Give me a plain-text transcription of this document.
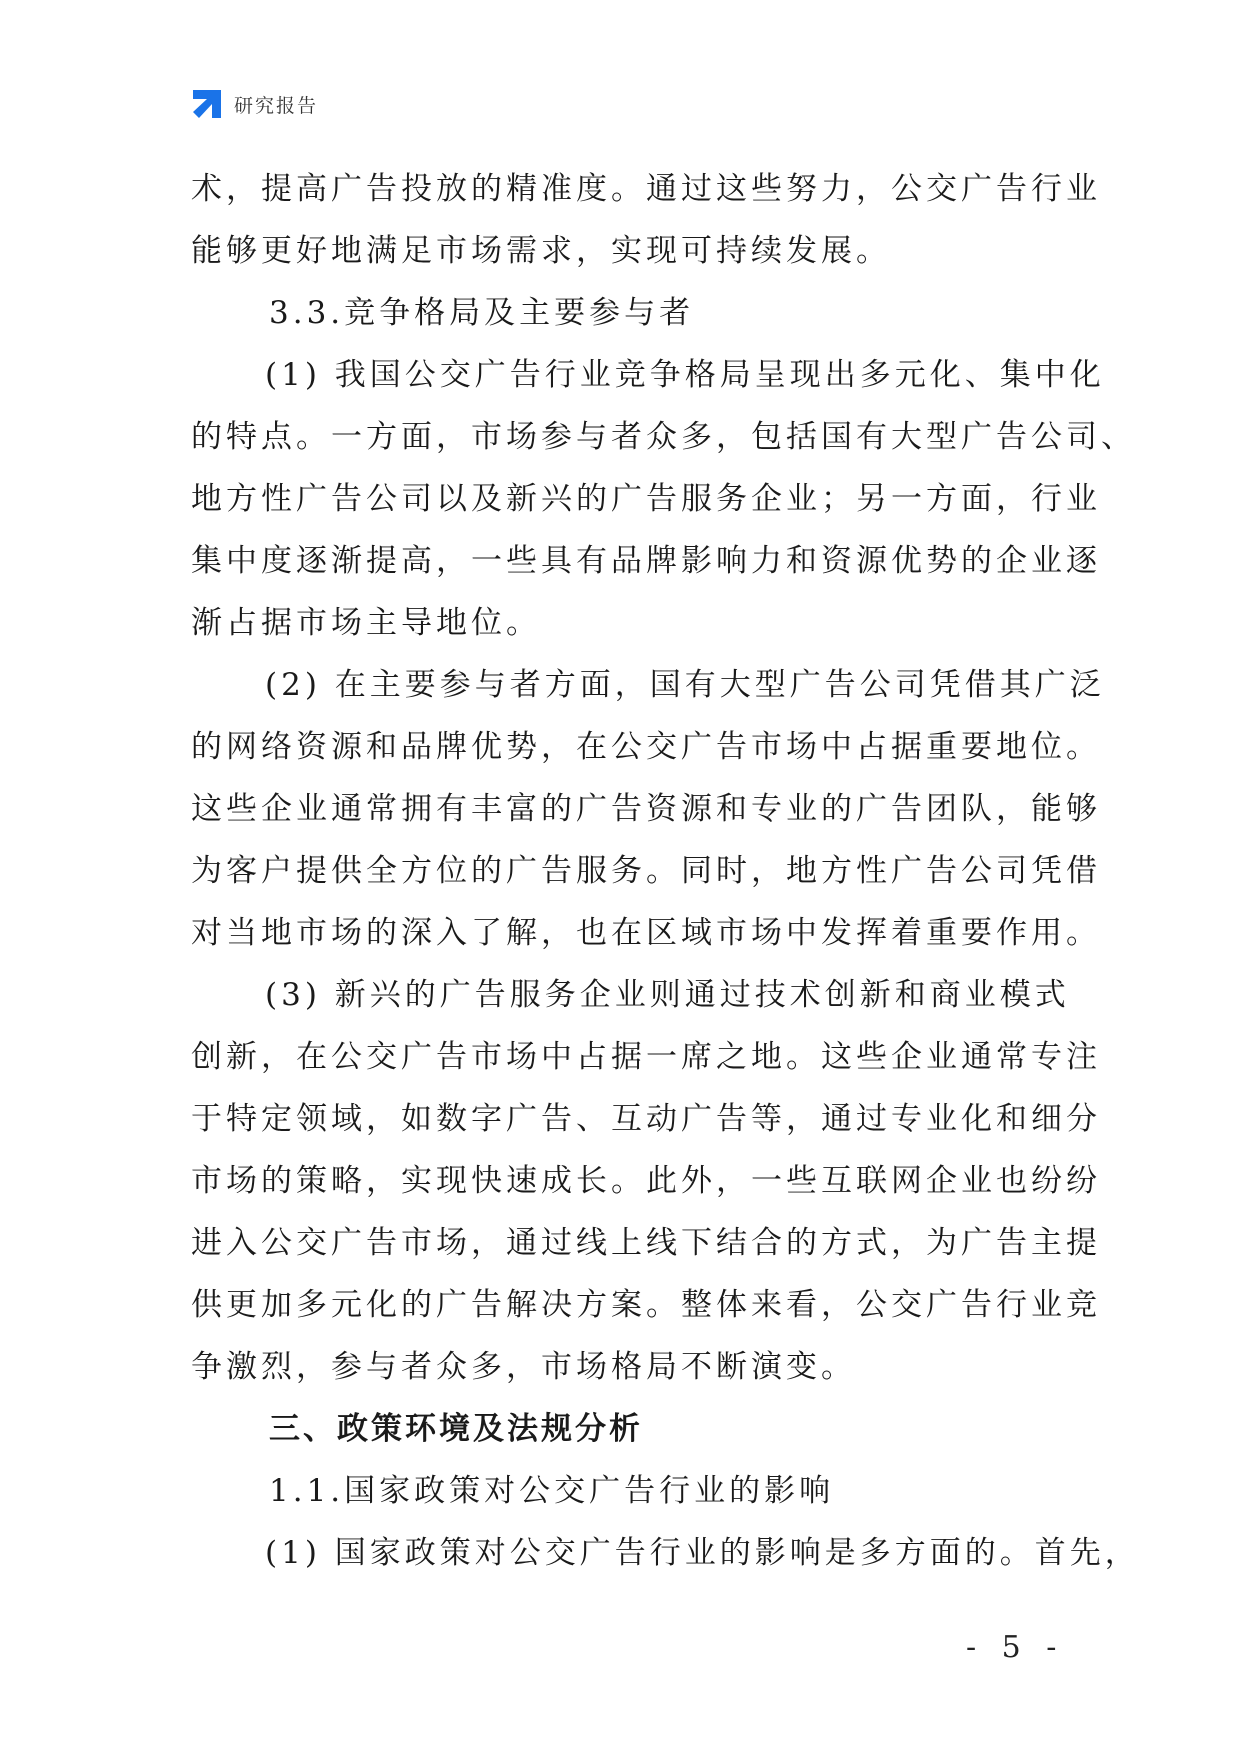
研究报告
术，提高广告投放的精准度。通过这些努力，公交广告行业
能够更好地满足市场需求，实现可持续发展。
3.3.竞争格局及主要参与者
(1) 我国公交广告行业竞争格局呈现出多元化、集中化
的特点。一方面，市场参与者众多，包括国有大型广告公司、
地方性广告公司以及新兴的广告服务企业；另一方面，行业
集中度逐渐提高，一些具有品牌影响力和资源优势的企业逐
渐占据市场主导地位。
(2) 在主要参与者方面，国有大型广告公司凭借其广泛
的网络资源和品牌优势，在公交广告市场中占据重要地位。
这些企业通常拥有丰富的广告资源和专业的广告团队，能够
为客户提供全方位的广告服务。同时，地方性广告公司凭借
对当地市场的深入了解，也在区域市场中发挥着重要作用。
(3) 新兴的广告服务企业则通过技术创新和商业模式
创新，在公交广告市场中占据一席之地。这些企业通常专注
于特定领域，如数字广告、互动广告等，通过专业化和细分
市场的策略，实现快速成长。此外，一些互联网企业也纷纷
进入公交广告市场，通过线上线下结合的方式，为广告主提
供更加多元化的广告解决方案。整体来看，公交广告行业竞
争激烈，参与者众多，市场格局不断演变。
三、政策环境及法规分析
1.1.国家政策对公交广告行业的影响
(1) 国家政策对公交广告行业的影响是多方面的。首先，
- 5 -
